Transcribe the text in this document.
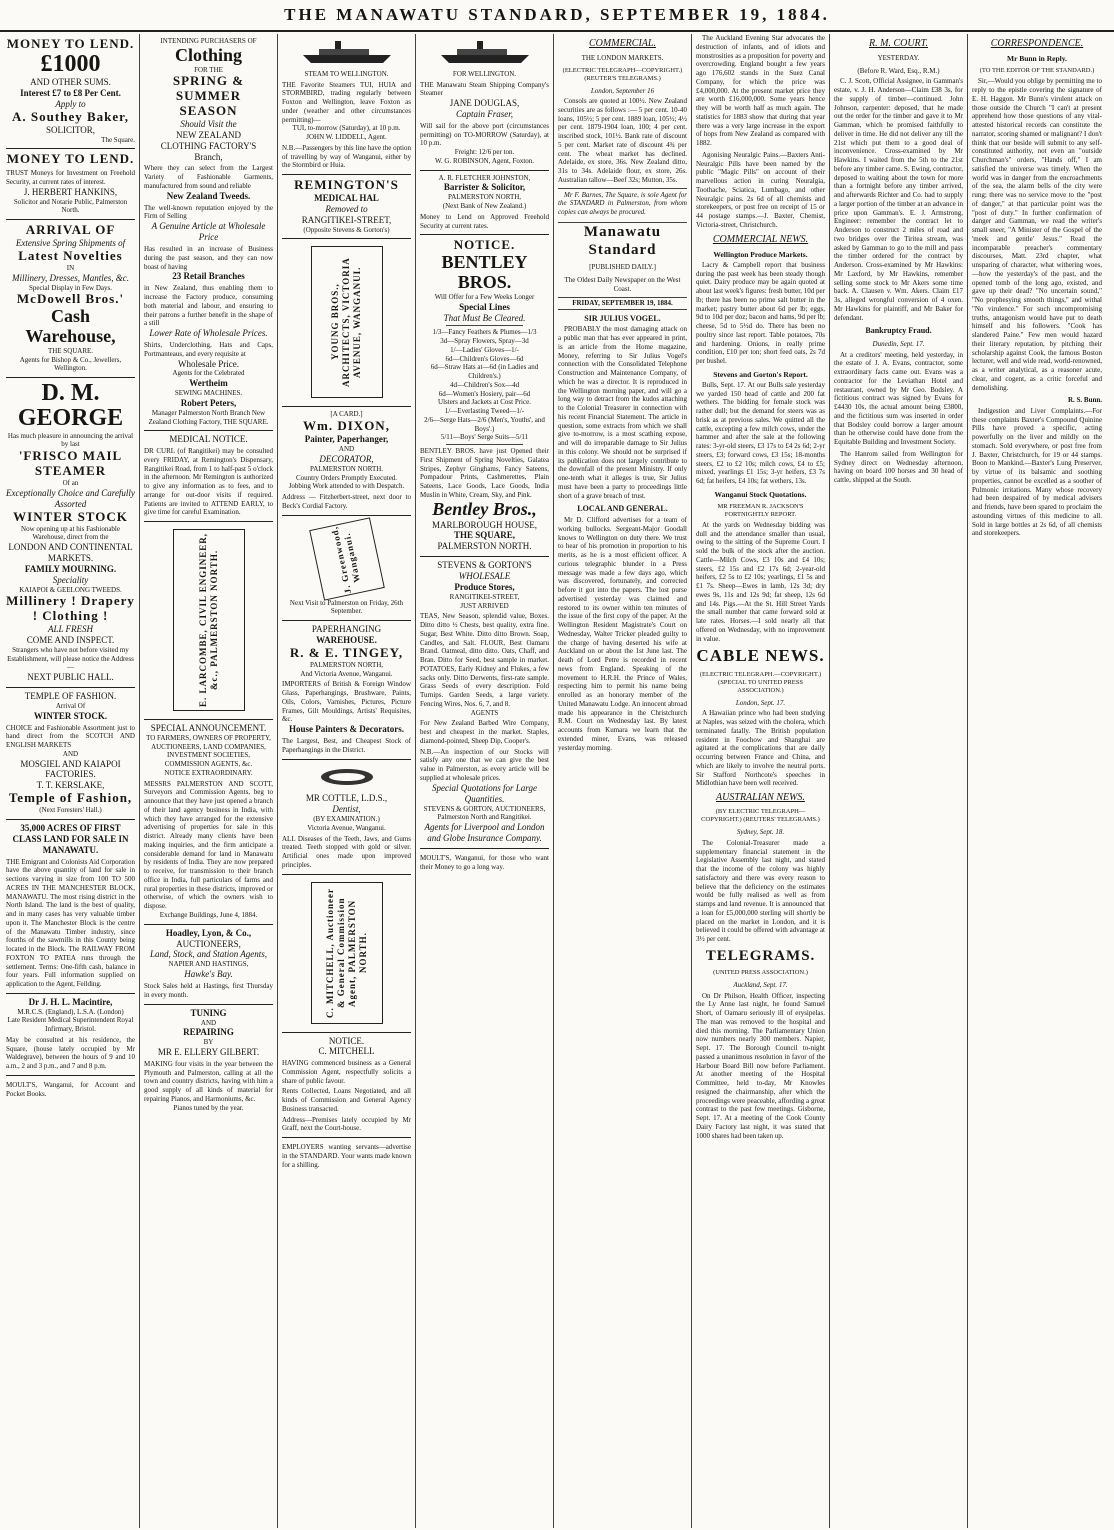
THE MANAWATU STANDARD, SEPTEMBER 19, 1884.
MONEY TO LEND.
£1000
AND OTHER SUMS.
Interest £7 to £8 Per Cent.
Apply to
A. Southey Baker,
SOLICITOR,
The Square.
MONEY TO LEND.
TRUST Moneys for Investment on Freehold Security, at current rates of interest.
J. HERBERT HANKINS,
Solicitor and Notarie Public, Palmerston North.
ARRIVAL OF
Extensive Spring Shipments of
Latest Novelties
IN
Millinery, Dresses, Mantles, &c.
Special Display in Few Days.
McDowell Bros.'
Cash Warehouse,
THE SQUARE.
Agents for Bishop & Co., Jewellers, Wellington.
D. M. GEORGE
Has much pleasure in announcing the arrival by last
'FRISCO MAIL STEAMER
Of an
Exceptionally Choice and Carefully Assorted
WINTER STOCK
Now opening up at his Fashionable Warehouse, direct from the
LONDON AND CONTINENTAL MARKETS.
FAMILY MOURNING.
Speciality
KAIAPOI & GEELONG TWEEDS.
Millinery ! Drapery ! Clothing !
ALL FRESH
COME AND INSPECT.
Strangers who have not before visited my Establishment, will please notice the Address—
NEXT PUBLIC HALL.
TEMPLE OF FASHION.
Arrival Of
WINTER STOCK.
CHOICE and Fashionable Assortment just to hand direct from the SCOTCH AND ENGLISH MARKETS
AND
MOSGIEL AND KAIAPOI FACTORIES.
T. T. KERSLAKE,
Temple of Fashion,
(Next Foresters' Hall.)
35,000 ACRES OF FIRST CLASS LAND FOR SALE IN MANAWATU.
THE Emigrant and Colonists Aid Corporation have the above quantity of land for sale in sections varying in size from 100 TO 500 ACRES IN THE MANCHESTER BLOCK, MANAWATU. The most rising district in the North Island. The land is the best of quality, and in many cases has very valuable timber upon it. The Manchester Block is the centre of the Manawatu Timber industry, since fourths of the sawmills in this County being located in the Block. The RAILWAY FROM FOXTON TO PATEA runs through the settlement. Terms: One-fifth cash, balance in four years. Full information supplied on application to the Agent, Feilding.
Dr J. H. L. Macintire,
M.R.C.S. (England), L.S.A. (London)
Late Resident Medical Superintendent Royal Infirmary, Bristol.
May be consulted at his residence, the Square, (house lately occupied by Mr Waldegrave), between the hours of 9 and 10 a.m., 2 and 3 p.m., and 7 and 8 p.m.
MOULT'S, Wanganui, for Account and Pocket Books.
INTENDING PURCHASERS OF
Clothing
FOR THE
SPRING & SUMMER
SEASON
Should Visit the
NEW ZEALAND
CLOTHING FACTORY'S
Branch,
Where they can select from the Largest Variety of Fashionable Garments, manufactured from sound and reliable
New Zealand Tweeds.
The well-known reputation enjoyed by the Firm of Selling
A Genuine Article at Wholesale Price
Has resulted in an increase of Business during the past season, and they can now boast of having
23 Retail Branches
in New Zealand, thus enabling them to increase the Factory produce, consuming both material and labour, and ensuring to their patrons a further benefit in the shape of a still
Lower Rate of Wholesale Prices.
Shirts, Underclothing, Hats and Caps, Portmanteaus, and every requisite at
Wholesale Price.
Agents for the Celebrated
Wertheim
SEWING MACHINES.
Robert Peters,
Manager Palmerston North Branch New Zealand Clothing Factory, THE SQUARE.
MEDICAL NOTICE.
DR CURL (of Rangitikei) may be consulted every FRIDAY, at Remington's Dispensary, Rangitikei Road, from 1 to half-past 5 o'clock in the afternoon. Mr Remington is authorized to give any information as to fees, and to arrange for out-door visits if required. Patients are invited to ATTEND EARLY, to give time for careful Examination.
E. LARCOMBE, CIVIL ENGINEER, &c., PALMERSTON NORTH.
SPECIAL ANNOUNCEMENT.
TO FARMERS, OWNERS OF PROPERTY, AUCTIONEERS, LAND COMPANIES, INVESTMENT SOCIETIES, COMMISSION AGENTS, &c.
NOTICE EXTRAORDINARY.
MESSRS PALMERSTON AND SCOTT, Surveyors and Commission Agents, beg to announce that they have just opened a branch of their land agency business in India, with which they have arranged for the extensive advertising of properties for sale in this district. Already many clients have been making inquiries, and the firm anticipate a considerable demand for land in Manawatu by residents of India. They are now prepared to receive, for transmission to their branch office in India, full particulars of farms and rural properties in these districts, improved or otherwise, of which the owners wish to dispose.
Exchange Buildings, June 4, 1884.
Hoadley, Lyon, & Co.,
AUCTIONEERS,
Land, Stock, and Station Agents,
NAPIER AND HASTINGS,
Hawke's Bay.
Stock Sales held at Hastings, first Thursday in every month.
TUNING
AND
REPAIRING
BY
MR E. ELLERY GILBERT.
MAKING four visits in the year between the Plymouth and Palmerston, calling at all the town and country districts, having with him a good supply of all kinds of material for repairing Pianos, and Harmoniums, &c.
Pianos tuned by the year.
STEAM TO WELLINGTON.
THE Favorite Steamers TUI, HUIA and STORMBIRD, trading regularly between Foxton and Wellington, leave Foxton as under (weather and other circumstances permitting)—
TUI, to-morrow (Saturday), at 10 p.m.
JOHN W. LIDDELL, Agent.
N.B.—Passengers by this line have the option of travelling by way of Wanganui, either by the Stormbird or Huia.
REMINGTON'S
MEDICAL HAL
Removed to
RANGITIKEI-STREET,
(Opposite Stevens & Gorton's)
YOUNG BROS., ARCHITECTS, VICTORIA AVENUE, WANGANUI.
[A CARD.]
Wm. DIXON,
Painter, Paperhanger,
AND
DECORATOR,
PALMERSTON NORTH.
Country Orders Promptly Executed.
Jobbing Work attended to with Despatch.
Address — Fitzherbert-street, next door to Beck's Cordial Factory.
J. Greenwood, Wanganui.
Next Visit to Palmerston on Friday, 26th September.
PAPERHANGING
WAREHOUSE.
R. & E. TINGEY,
PALMERSTON NORTH,
And Victoria Avenue, Wanganui.
IMPORTERS of British & Foreign Window Glass, Paperhangings, Brushware, Paints, Oils, Colors, Varnishes, Pictures, Picture Frames, Gilt Mouldings, Artists' Requisites, &c.
House Painters & Decorators.
The Largest, Best, and Cheapest Stock of Paperhangings in the District.
MR COTTLE, L.D.S.,
Dentist,
(BY EXAMINATION.)
Victoria Avenue, Wanganui.
ALL Diseases of the Teeth, Jaws, and Gums treated. Teeth stopped with gold or silver. Artificial ones made upon improved principles.
C. MITCHELL, Auctioneer & General Commission Agent, PALMERSTON NORTH.
NOTICE.
C. MITCHELL
HAVING commenced business as a General Commission Agent, respectfully solicits a share of public favour.
Rents Collected, Loans Negotiated, and all kinds of Commission and General Agency Business transacted.
Address—Premises lately occupied by Mr Graff, next the Court-house.
EMPLOYERS wanting servants—advertise in the STANDARD. Your wants made known for a shilling.
FOR WELLINGTON.
THE Manawatu Steam Shipping Company's Steamer
JANE DOUGLAS,
Captain Fraser,
Will sail for the above port (circumstances permitting) on TO-MORROW (Saturday), at 10 p.m.
Freight: 12/6 per ton.
W. G. ROBINSON, Agent, Foxton.
A. R. FLETCHER JOHNSTON,
Barrister & Solicitor,
PALMERSTON NORTH,
(Next Bank of New Zealand.)
Money to Lend on Approved Freehold Security at current rates.
NOTICE.
BENTLEY BROS.
Will Offer for a Few Weeks Longer
Special Lines
That Must Be Cleared.
1/3—Fancy Feathers & Plumes—1/3
3d—Spray Flowers, Spray—3d
1/—Ladies' Gloves—1/-
6d—Children's Gloves—6d
6d—Straw Hats at—6d (in Ladies and Children's.)
4d—Children's Sox—4d
6d—Women's Hosiery, pair—6d
Ulsters and Jackets at Cost Price.
1/—Everlasting Tweed—1/-
2/6—Serge Hats—2/6 (Men's, Youths', and Boys'.)
5/11—Boys' Serge Suits—5/11
BENTLEY BROS. have just Opened their First Shipment of Spring Novelties, Galatea Stripes, Zephyr Ginghams, Fancy Sateens, Pompadour Prints, Cashmerettes, Plain Sateens, Lace Goods, Lace Goods, India Muslin in White, Cream, Sky, and Pink.
Bentley Bros.,
MARLBOROUGH HOUSE,
THE SQUARE,
PALMERSTON NORTH.
STEVENS & GORTON'S
WHOLESALE
Produce Stores,
RANGITIKEI-STREET,
JUST ARRIVED
TEAS, New Season, splendid value, Boxes. Ditto ditto ½ Chests, best quality, extra fine. Sugar, Best White. Ditto ditto Brown. Soap, Candles, and Salt. FLOUR, Best Oamaru Brand. Oatmeal, ditto ditto. Oats, Chaff, and Bran. Ditto for Seed, best sample in market. POTATOES, Early Kidney and Flukes, a few sacks only. Ditto Derwents, first-rate sample. Grass Seeds of every description. Fold Turnips. Garden Seeds, a large variety. Fencing Wires, Nos. 6, 7, and 8.
AGENTS
For New Zealand Barbed Wire Company, best and cheapest in the market. Staples, diamond-pointed, Sheep Dip, Cooper's.
N.B.—An inspection of our Stocks will satisfy any one that we can give the best value in Palmerston, as every article will be supplied at wholesale prices.
Special Quotations for Large Quantities.
STEVENS & GORTON, AUCTIONEERS,
Palmerston North and Rangitikei.
Agents for Liverpool and London and Globe Insurance Company.
MOULT'S, Wanganui, for those who want their Money to go a long way.
COMMERCIAL.
THE LONDON MARKETS.
(ELECTRIC TELEGRAPH—COPYRIGHT.) (REUTER'S TELEGRAMS.)
London, September 16

Consols are quoted at 100½. New Zealand securities are as follows :— 5 per cent. 10-40 loans, 105½; 5 per cent. 1889 loan, 105½; 4½ per cent. 1879-1904 loan, 100; 4 per cent. inscribed stock, 101½. Bank rate of discount 5 per cent. Market rate of discount 4¾ per cent. The wheat market has declined. Adelaide, ex store, 36s. New Zealand ditto, 31s to 34s. Adelaide flour, ex store, 26s. Australian tallow—Beef 32s; Mutton, 35s.

Mr F. Barnes, The Square, is sole Agent for the STANDARD in Palmerston, from whom copies can always be procured.

Manawatu Standard
[PUBLISHED DAILY.]
The Oldest Daily Newspaper on the West Coast.
FRIDAY, SEPTEMBER 19, 1884.
SIR JULIUS VOGEL.

PROBABLY the most damaging attack on a public man that has ever appeared in print, is an article from the Home magazine, Money, referring to Sir Julius Vogel's connection with the Consolidated Telephone Construction and Maintenance Company, of which he was a director. It is reproduced in the Wellington morning paper, and will go a long way to detract from the kudos attaching to the Colonial Treasurer in connection with his recent Financial Statement. The article in question, some extracts from which we shall give to-morrow, is a most scathing expose, and will do irreparable damage to Sir Julius in this colony. We should not be surprised if its publication does not largely contribute to the downfall of the present Ministry. If only one-tenth what it alleges is true, Sir Julius must have been a party to proceedings little short of a grave breach of trust.

LOCAL AND GENERAL.

Mr D. Clifford advertises for a team of working bullocks. Sergeant-Major Goodall knows to Wellington on duty there. We trust to hear of his promotion in proportion to his merits, as he is a most efficient officer. A curious telegraphic blunder in a Press message was made a few days ago, which was discovered, fortunately, and corrected before it got into the papers. The lost purse advertised yesterday was claimed and restored to its owner within ten minutes of the issue of the first copy of the paper. At the Wellington Resident Magistrate's Court on Wednesday, Walter Tricker pleaded guilty to the charge of having deserted his wife at Auckland on or about the 1st June last. The death of Lord Petre is recorded in recent news from England. Speaking of the movement to H.R.H. the Prince of Wales, respecting him to permit his name being enrolled as an honorary member of the United Manawatu Lodge. An innocent abroad made his appearance in the Christchurch R.M. Court on Wednesday last. By latest accounts from Kumara we learn that the extended miner, Evans, was released yesterday morning.

The Auckland Evening Star advocates the destruction of infants, and of idiots and monstrosities as a proposition for poverty and overcrowding. England bought a few years ago 176,602 stands in the Suez Canal Company, for which the price was £4,000,000. At the present market price they are worth £16,000,000. Some years hence they will be worth half as much again. The statistics for 1883 show that during that year there was a very large increase in the export of hops from New Zealand as compared with 1882.

Agonising Neuralgic Pains.—Baxters Anti-Neuralgic Pills have been named by the public "Magic Pills" on account of their marvellous action in curing Neuralgia, Toothache, Sciatica, Lumbago, and other Neuralgic pains. 2s 6d of all chemists and storekeepers, or post free on receipt of 15 or 44 postage stamps.—J. Baxter, Chemist, Victoria-street, Christchurch.

COMMERCIAL NEWS.
Wellington Produce Markets.

Lacry & Campbell report that business during the past week has been steady though quiet. Dairy produce may be again quoted at about last week's figures: fresh butter, 10d per lb; there has been no prime salt butter in the market; pastry butter about 6d per lb; eggs, 9d to 10d per doz; bacon and hams, 9d per lb; cheese, 5d to 5½d do. There has been no poultry since last report. Table potatoes, 70s and hardening. Onions, in really prime condition, £10 per ton; short feed oats, 2s 7d per bushel.

Stevens and Gorton's Report.

Bulls, Sept. 17. At our Bulls sale yesterday we yarded 150 head of cattle and 200 fat wethers. The bidding for female stock was rather dull; but the demand for steers was as brisk as at previous sales. We quitted all the cattle, excepting a few milch cows, under the hammer and after the sale at the following rates: 3-yr-old steers, £3 17s to £4 2s 6d; 2-yr steers, £3; forward cows, £3 15s; 18-months steers, £2 to £2 10s; milch cows, £4 to £5; mixed, yearlings £1 15s; 3-yr heifers, £3 7s 6d; fat heifers, £4 10s; fat wethers, 13s.

Wanganui Stock Quotations.
MR FREEMAN R. JACKSON'S FORTNIGHTLY REPORT.

At the yards on Wednesday bidding was dull and the attendance smaller than usual, owing to the sitting of the Supreme Court. I sold the bulk of the stock after the auction. Cattle—Milch Cows, £3 10s and £4 10s; steers, £2 15s and £2 17s 6d; 2-year-old heifers, £2 5s to £2 10s; yearlings, £1 5s and £1 7s. Sheep—Ewes in lamb, 12s 3d; dry ewes 9s, 11s and 12s 9d; fat sheep, 12s 6d and 14s. Pigs.—At the St. Hill Street Yards the small number that came forward sold at late rates. Horses.—I sold nearly all that offered on Wednesday, with no improvement in value.

CABLE NEWS.
(ELECTRIC TELEGRAPH.—COPYRIGHT.) (SPECIAL TO UNITED PRESS ASSOCIATION.)
London, Sept. 17.

A Hawaiian prince who had been studying at Naples, was seized with the cholera, which terminated fatally. The British population resident in Foochow and Shanghai are agitated at the complications that are daily occurring between France and China, and which are likely to involve the neutral ports. Sir Stafford Northcote's speeches in Midlothian have been well received.

AUSTRALIAN NEWS.
(BY ELECTRIC TELEGRAPH—COPYRIGHT.) (REUTERS' TELEGRAMS.)
Sydney, Sept. 18.

The Colonial-Treasurer made a supplementary financial statement in the Legislative Assembly last night, and stated that the income of the colony was highly satisfactory and there was every reason to believe that the deficiency on the estimates would be fully realised as well as from stamps and land revenue. It is announced that a loan for £5,000,000 sterling will shortly be placed on the market in London, and it is believed it could be offered with advantage at 3½ per cent.

TELEGRAMS.
(UNITED PRESS ASSOCIATION.)
Auckland, Sept. 17.

On Dr Philson, Health Officer, inspecting the Ly Anne last night, he found Samuel Short, of Oamaru seriously ill of erysipelas. The man was removed to the hospital and died this morning. The Parliamentary Union now numbers nearly 300 members. Napier, Sept. 17. The Borough Council to-night passed a unanimous resolution in favor of the Harbour Board Bill now before Parliament. At another meeting of the Hospital Committee, held to-day, Mr Knowles resigned the chairmanship, after which the proceedings were peaceable, affording a great contrast to the past few meetings. Gisborne, Sept. 17. At a meeting of the Cook County Dairy Factory last night, it was stated that 1000 shares had been taken up.

R. M. COURT.
YESTERDAY.
(Before R. Ward, Esq., R.M.)

C. J. Scott, Official Assignee, in Gamman's estate, v. J. H. Anderson—Claim £38 3s, for the supply of timber—continued. John Johnson, carpenter: deposed, that he made out the order for the timber and gave it to Mr Gamman, which he promised faithfully to deliver in time. He did not deliver any till the 21st which put them to a good deal of inconvenience. Cross-examined by Mr Hawkins. I waited from the 5th to the 21st before any timber came. S. Ewing, contractor, deposed to waiting about the town for more than a fortnight before any timber arrived, and afterwards Richter and Co. had to supply a larger portion of the timber at an advance in price upon Gamman's. E. J. Armstrong, Engineer: remember the contract let to Anderson to construct 2 miles of road and two bridges over the Tiritea stream, was asked by Gamman to go to the mill and pass the timber ordered for the contract by Anderson. Cross-examined by Mr Hawkins: Mr Laxford, by Mr Hawkins, remember selling some stock to Mr Akers some time back. A. Clausen v. Wm. Akers. Claim £17 3s, alleged wrongful conversion of 4 oxen. Mr Hawkins for plaintiff, and Mr Baker for defendant.

Bankruptcy Fraud.
Dunedin, Sept. 17.

At a creditors' meeting, held yesterday, in the estate of J. A. Evans, contractor, some extraordinary facts came out. Evans was a contractor for the Leviathan Hotel and restaurant, owned by Mr Geo. Bodsley. A fictitious contract was signed by Evans for £4430 10s, the actual amount being £3800, and the fictitious sum was inserted in order that Bodsley could borrow a larger amount than he otherwise could have done from the Equitable Building and Investment Society.

The Hanrom sailed from Wellington for Sydney direct on Wednesday afternoon, having on board 100 horses and 30 head of cattle, shipped at the South.

CORRESPONDENCE.
Mr Bunn in Reply.
(TO THE EDITOR OF THE STANDARD.)

Sir,—Would you oblige by permitting me to reply to the epistle covering the signature of E. H. Haggon. Mr Bunn's virulent attack on those outside the Church "I can't at present apprehend how those questions of any vital-attested historical records can constitute the narrator, scoring shamed or malignant? I don't think that our beside will submit to any self-constituted authority, not even an "outside Churchman's" orders, "Hands off," I am satisfied the universe was timely. When the world was in danger from the encroachments of the sea, the alarm bells of the city were rung; there was no service move to the "post of danger," at that particular point was the "post of duty." In further confirmation of danger and Gamman, we read the writer's small sneer, "A Minister of the Gospel of the 'meek and gentle' Jesus." Read the incomparable preacher's commentary discourses, Matt. 23rd chapter, what unsparing of character, what withering woes,—how the yesterday's of the past, and the opened tomb of the long ago, existed, and gave up their dead? "No uncertain sound," "No prophesying smooth things," and withal "No virulence." For such uncompromising truths, antagonism would have put to death himself and his followers. "Cook has slandered Paine." Few men would hazard their literary reputation, by pitching their scholarship against Cook, the famous Boston lecturer, well and wide read, world-renowned, as a writer analytical, as a reasoner acute, clear, and cogent, as a critic forceful and demolishing.

R. S. Bunn.

Indigestion and Liver Complaints.—For these complaints Baxter's Compound Quinine Pills have proved a specific, acting powerfully on the liver and mildly on the stomach. Sold everywhere, or post free from J. Baxter, Christchurch, for 19 or 44 stamps. Boon to Mankind.—Baxter's Lung Preserver, by virtue of its balsamic and soothing properties, cannot be excelled as a soother of Pulmonic irritations. Many whose recovery had been despaired of by medical advisers and friends, have been spared to proclaim the astounding virtues of this medicine to all. Sold in large bottles at 2s 6d, of all chemists and storekeepers.
